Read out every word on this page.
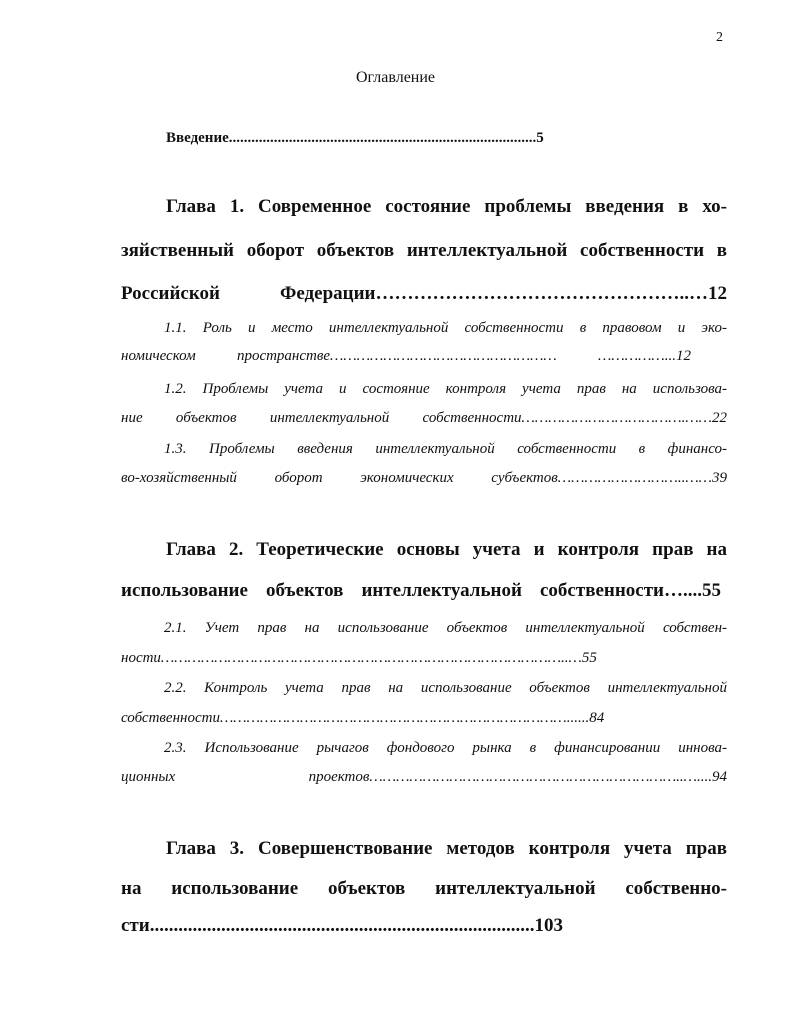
2
Оглавление
Введение..................................................................................5
Глава 1. Современное состояние проблемы введения в хо-
зяйственный оборот объектов интеллектуальной собственности в
Российской Федерации…………………………………………..…12
1.1. Роль и место интеллектуальной собственности в правовом и эко-
номическом пространстве…………………………………………… ……………...12
1.2. Проблемы учета и состояние контроля учета прав на использова-
ние объектов интеллектуальной собственности……………………………….……22
1.3. Проблемы введения интеллектуальной собственности в финансо-
во-хозяйственный оборот экономических субъектов………………………..……39
Глава 2. Теоретические основы учета и контроля прав на
использование объектов интеллектуальной собственности…....55
2.1. Учет прав на использование объектов интеллектуальной собствен-
ности………………………………………………………………………………..…55
2.2. Контроль учета прав на использование объектов интеллектуальной
собственности……………………………………………………………………......84
2.3. Использование рычагов фондового рынка в финансировании иннова-
ционных проектов……………………………………………………………..…....94
Глава 3. Совершенствование методов контроля учета прав
на использование объектов интеллектуальной собственно-
сти.................................................................................103
